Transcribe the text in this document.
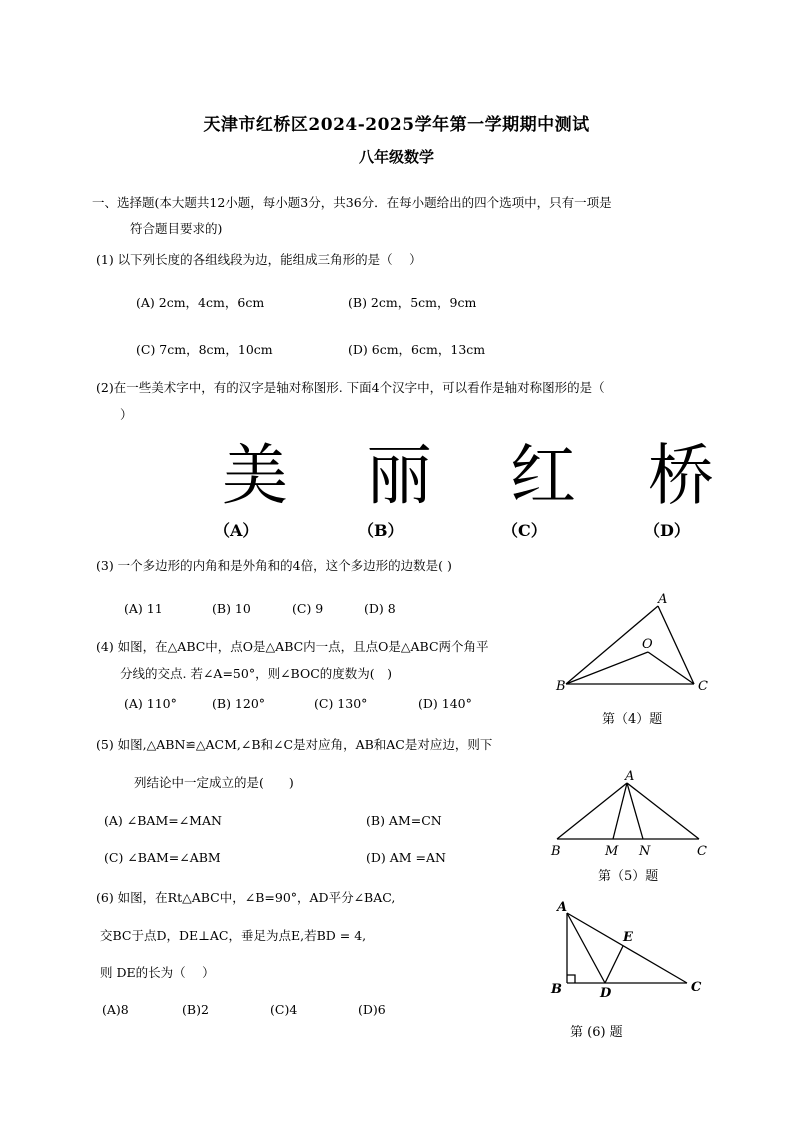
天津市红桥区2024-2025学年第一学期期中测试
八年级数学
一、选择题(本大题共12小题，每小题3分，共36分．在每小题给出的四个选项中，只有一项是
符合题目要求的)
(1) 以下列长度的各组线段为边，能组成三角形的是（　 ）
(A) 2cm，4cm，6cm	(B) 2cm，5cm，9cm
(C) 7cm，8cm，10cm	(D) 6cm，6cm，13cm
(2)在一些美术字中，有的汉字是轴对称图形. 下面4个汉字中，可以看作是轴对称图形的是（
）
美 丽 红 桥
（A）	（B）	（C）	（D）
(3) 一个多边形的内角和是外角和的4倍，这个多边形的边数是( )
(A) 11	(B) 10	(C) 9	(D) 8
(4) 如图，在△ABC中，点O是△ABC内一点，且点O是△ABC两个角平
分线的交点. 若∠A=50°，则∠BOC的度数为(　)
(A) 110°	(B) 120°	(C) 130°	(D) 140°
A
B	C
O
第（4）题
(5) 如图,△ABN≌△ACM,∠B和∠C是对应角，AB和AC是对应边，则下
列结论中一定成立的是(　　)
(A) ∠BAM=∠MAN	(B) AM=CN
(C) ∠BAM=∠ABM	(D) AM =AN
A
B	M N	C
第（5）题
(6) 如图，在Rt△ABC中，∠B=90°，AD平分∠BAC,
交BC于点D，DE⊥AC，垂足为点E,若BD = 4,
则 DE的长为（　 ）
(A)8	(B)2	(C)4	(D)6
A
B	D
E
C
第 (6) 题
